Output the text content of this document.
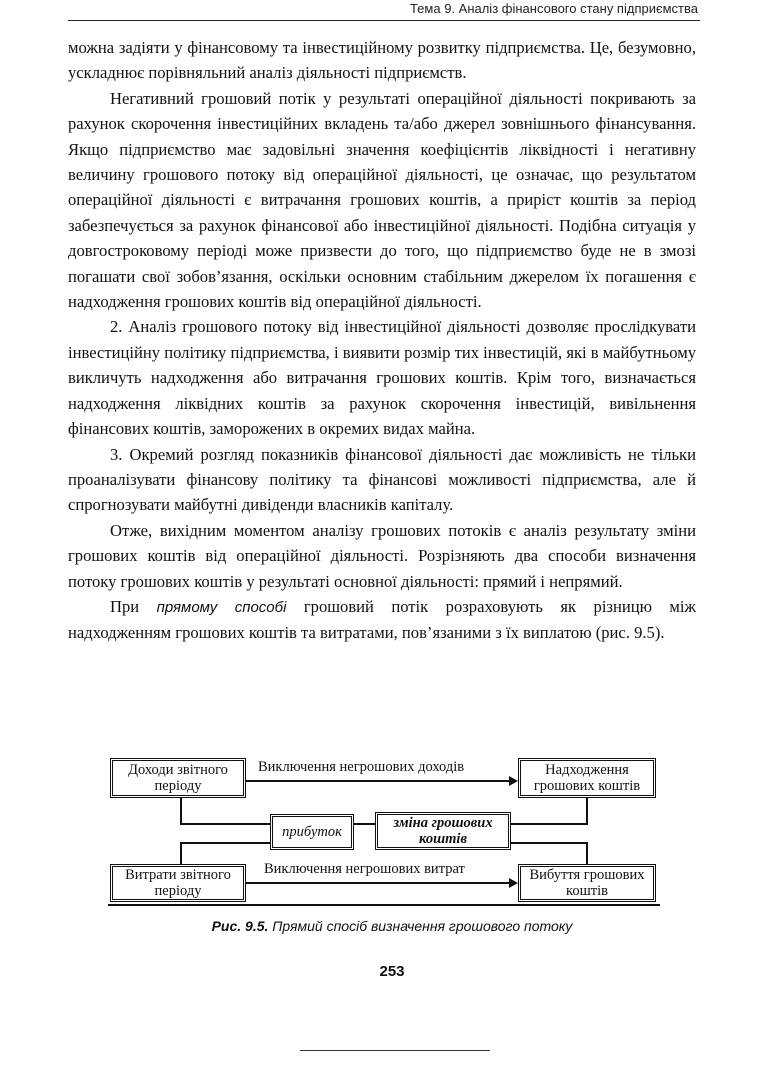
Тема 9. Аналіз фінансового стану підприємства

можна задіяти у фінансовому та інвестиційному розвитку підприємства. Це, безумовно, ускладнює порівняльний аналіз діяльності підприємств.

Негативний грошовий потік у результаті операційної діяльності покривають за рахунок скорочення інвестиційних вкладень та/або джерел зовнішнього фінансування. Якщо підприємство має задовільні значення коефіцієнтів ліквідності і негативну величину грошового потоку від операційної діяльності, це означає, що результатом операційної діяльності є витрачання грошових коштів, а приріст коштів за період забезпечується за рахунок фінансової або інвестиційної діяльності. Подібна ситуація у довгостроковому періоді може призвести до того, що підприємство буде не в змозі погашати свої зобов’язання, оскільки основним стабільним джерелом їх погашення є надходження грошових коштів від операційної діяльності.

2. Аналіз грошового потоку від інвестиційної діяльності дозволяє прослідкувати інвестиційну політику підприємства, і виявити розмір тих інвестицій, які в майбутньому викличуть надходження або витрачання грошових коштів. Крім того, визначається надходження ліквідних коштів за рахунок скорочення інвестицій, вивільнення фінансових коштів, заморожених в окремих видах майна.

3. Окремий розгляд показників фінансової діяльності дає можливість не тільки проаналізувати фінансову політику та фінансові можливості підприємства, але й спрогнозувати майбутні дивіденди власників капіталу.

Отже, вихідним моментом аналізу грошових потоків є аналіз результату зміни грошових коштів від операційної діяльності. Розрізняють два способи визначення потоку грошових коштів у результаті основної діяльності: прямий і непрямий.

При прямому способі грошовий потік розраховують як різницю між надходженням грошових коштів та витратами, пов’язаними з їх виплатою (рис. 9.5).

Виключення негрошових доходів
Виключення негрошових витрат
Доходи звітного періоду
Надходження грошових коштів
прибуток
зміна грошових коштів
Витрати звітного періоду
Вибуття грошових коштів
Рис. 9.5. Прямий спосіб визначення грошового потоку
253
